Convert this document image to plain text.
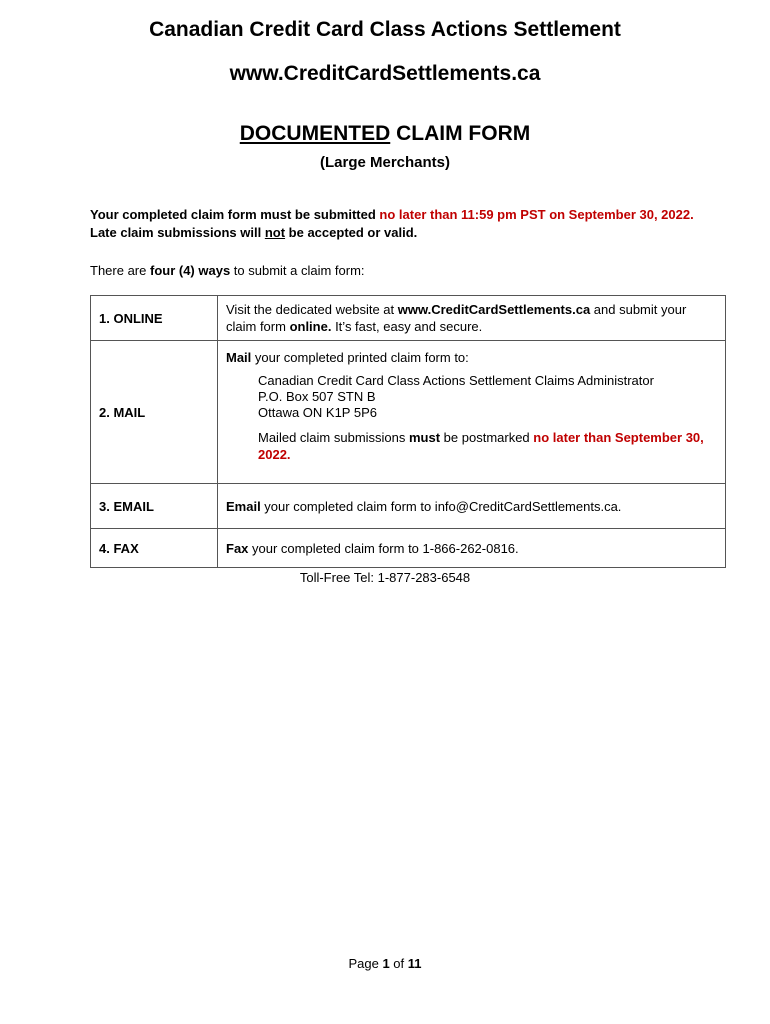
Canadian Credit Card Class Actions Settlement
www.CreditCardSettlements.ca
DOCUMENTED CLAIM FORM
(Large Merchants)
Your completed claim form must be submitted no later than 11:59 pm PST on September 30, 2022. Late claim submissions will not be accepted or valid.
There are four (4) ways to submit a claim form:
1. ONLINE	Visit the dedicated website at www.CreditCardSettlements.ca and submit your claim form online. It’s fast, easy and secure.
2. MAIL	Mail your completed printed claim form to:
Canadian Credit Card Class Actions Settlement Claims Administrator
P.O. Box 507 STN B
Ottawa ON K1P 5P6
Mailed claim submissions must be postmarked no later than September 30, 2022.

3. EMAIL	Email your completed claim form to info@CreditCardSettlements.ca.
4. FAX	Fax your completed claim form to 1-866-262-0816.
Toll-Free Tel: 1-877-283-6548
Page 1 of 11
